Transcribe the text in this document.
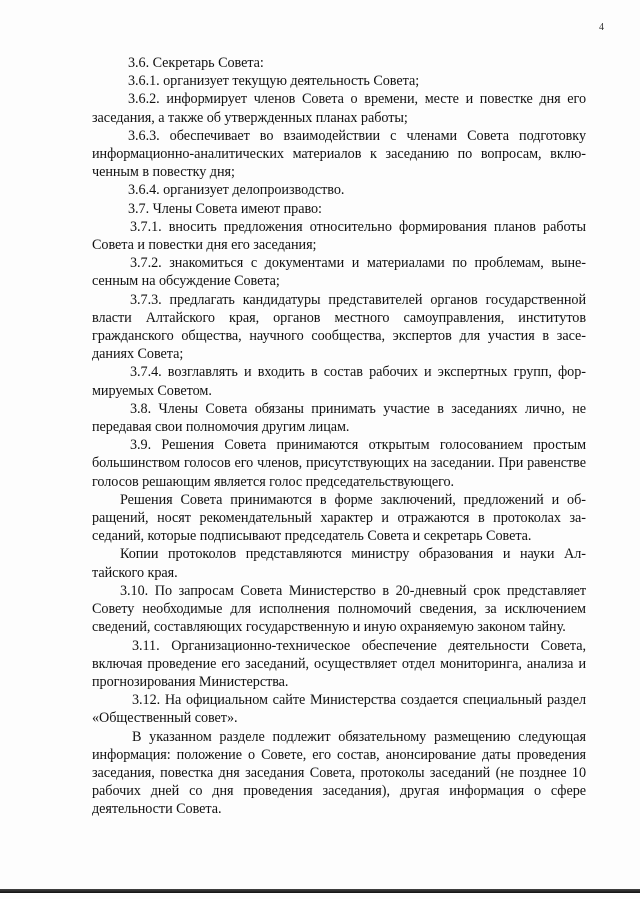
4

3.6. Секретарь Совета:

3.6.1. организует текущую деятельность Совета;

3.6.2. информирует членов Совета о времени, месте и повестке дня его заседания, а также об утвержденных планах работы;

3.6.3. обеспечивает во взаимодействии с членами Совета подготовку информационно-аналитических материалов к заседанию по вопросам, включенным в повестку дня;

3.6.4. организует делопроизводство.

3.7. Члены Совета имеют право:

3.7.1. вносить предложения относительно формирования планов работы Совета и повестки дня его заседания;

3.7.2. знакомиться с документами и материалами по проблемам, вынесенным на обсуждение Совета;

3.7.3. предлагать кандидатуры представителей органов государственной власти Алтайского края, органов местного самоуправления, институтов гражданского общества, научного сообщества, экспертов для участия в заседаниях Совета;

3.7.4. возглавлять и входить в состав рабочих и экспертных групп, формируемых Советом.

3.8. Члены Совета обязаны принимать участие в заседаниях лично, не передавая свои полномочия другим лицам.

3.9. Решения Совета принимаются открытым голосованием простым большинством голосов его членов, присутствующих на заседании. При равенстве голосов решающим является голос председательствующего.

Решения Совета принимаются в форме заключений, предложений и обращений, носят рекомендательный характер и отражаются в протоколах заседаний, которые подписывают председатель Совета и секретарь Совета.

Копии протоколов представляются министру образования и науки Алтайского края.

3.10. По запросам Совета Министерство в 20-дневный срок представляет Совету необходимые для исполнения полномочий сведения, за исключением сведений, составляющих государственную и иную охраняемую законом тайну.

3.11. Организационно-техническое обеспечение деятельности Совета, включая проведение его заседаний, осуществляет отдел мониторинга, анализа и прогнозирования Министерства.

3.12. На официальном сайте Министерства создается специальный раздел «Общественный совет».

В указанном разделе подлежит обязательному размещению следующая информация: положение о Совете, его состав, анонсирование даты проведения заседания, повестка дня заседания Совета, протоколы заседаний (не позднее 10 рабочих дней со дня проведения заседания), другая информация о сфере деятельности Совета.
